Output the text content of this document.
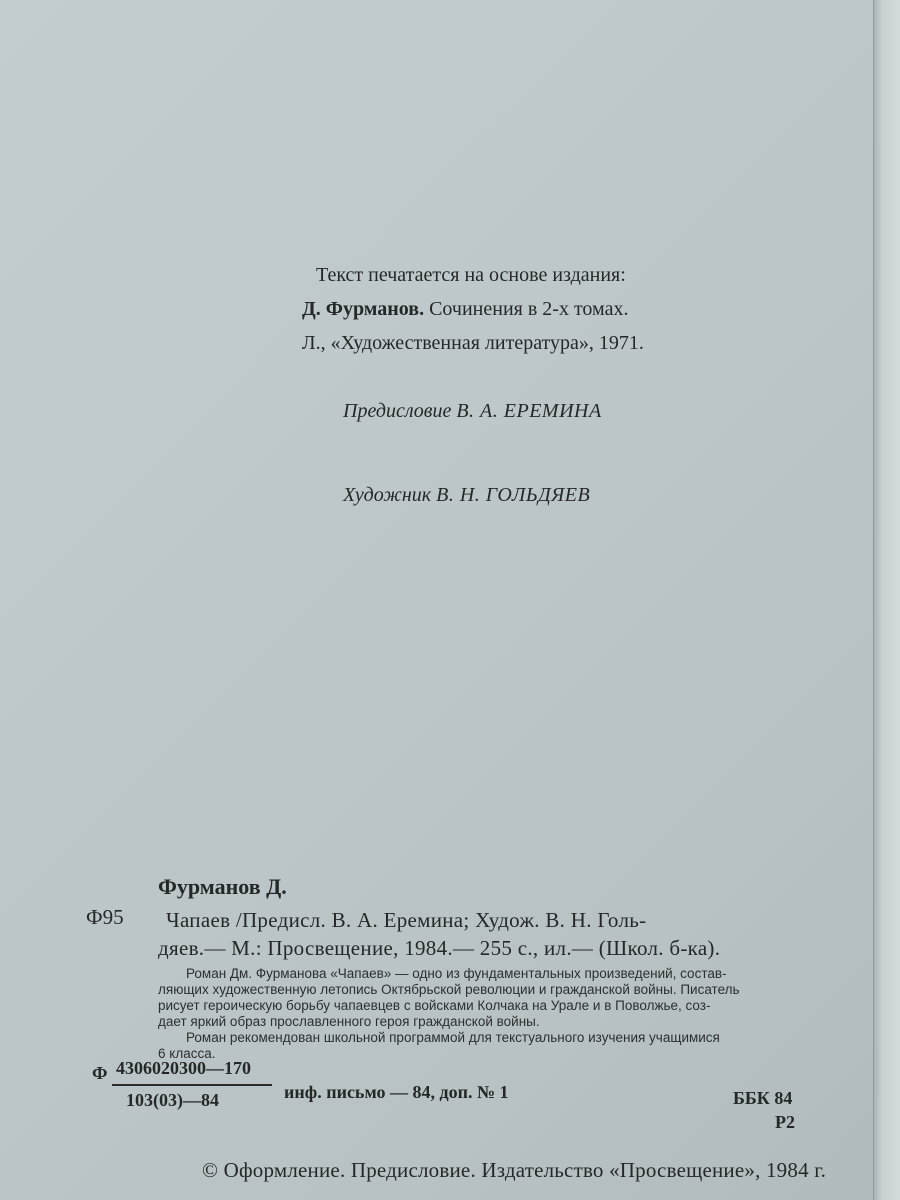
Текст печатается на основе издания:
Д. Фурманов. Сочинения в 2-х томах.
Л., «Художественная литература», 1971.
Предисловие В. А. ЕРЕМИНА
Художник В. Н. ГОЛЬДЯЕВ
Фурманов Д.
Ф95 Чапаев /Предисл. В. А. Еремина; Худож. В. Н. Голь-
дяев.— М.: Просвещение, 1984.— 255 с., ил.— (Школ. б-ка).
Роман Дм. Фурманова «Чапаев» — одно из фундаментальных произведений, состав-
ляющих художественную летопись Октябрьской революции и гражданской войны. Писатель
рисует героическую борьбу чапаевцев с войсками Колчака на Урале и в Поволжье, соз-
дает яркий образ прославленного героя гражданской войны.
Роман рекомендован школьной программой для текстуального изучения учащимися
6 класса.
Ф 4306020300—170
103(03)—84	инф. письмо — 84, доп. № 1	ББК 84
Р2
© Оформление. Предисловие. Издательство «Просвещение», 1984 г.
